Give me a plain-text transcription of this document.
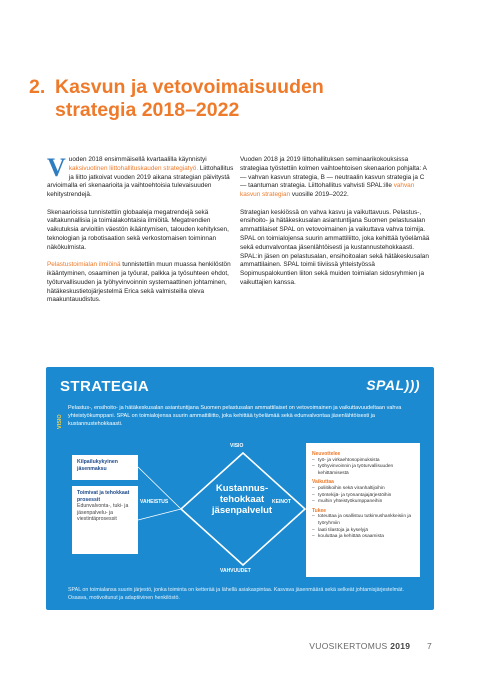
2. Kasvun ja vetovoimaisuuden
strategia 2018–2022

Vuoden 2018 ensimmäisellä kvartaalilla käynnistyi kaksivuotinen liittohallituskauden strategiatyö. Liittohallitus ja liitto jatkoivat vuoden 2019 aikana strategian päivitystä arvioimalla eri skenaarioita ja vaihtoehtoisia tulevaisuuden kehitystrendejä.

Skenaarioissa tunnistettiin globaaleja megatrendejä sekä valtakunnallisia ja toimialakohtaisia ilmiöitä. Megatrendien vaikutuksia arvioitiin väestön ikääntymisen, talouden kehityksen, teknologian ja robotisaation sekä verkostomaisen toiminnan näkökulmista.

Pelastustoimialan ilmiöinä tunnistettiin muun muassa henkilöstön ikääntyminen, osaaminen ja työurat, palkka ja työsuhteen ehdot, työturvallisuuden ja työhyvinvoinnin systemaattinen johtaminen, hätäkeskustietojärjestelmä Erica sekä valmisteilla oleva maakuntauudistus.

Vuoden 2018 ja 2019 liittohallituksen seminaarikokouksissa strategiaa työstettiin kolmen vaihtoehtoisen skenaarion pohjalta: A — vahvan kasvun strategia, B — neutraalin kasvun strategia ja C — taantuman strategia. Liittohallitus vahvisti SPAL:ille vahvan kasvun strategian vuosille 2019–2022.

Strategian keskiössä on vahva kasvu ja vaikuttavuus. Pelastus-, ensihoito- ja hätäkeskusalan asiantuntijana Suomen pelastusalan ammattilaiset SPAL on vetovoimainen ja vaikuttava vahva toimija. SPAL on toimialojensa suurin ammattiliitto, joka kehittää työelämää sekä edunvalvontaa jäsenlähtöisesti ja kustannustehokkaasti. SPAL:in jäsen on pelastusalan, ensihoitoalan sekä hätäkeskusalan ammattilainen. SPAL toimii tiiviissä yhteistyössä Sopimuspalokuntien liiton sekä muiden toimialan sidosryhmien ja vaikuttajien kanssa.

STRATEGIA	SPAL)))
VISIO
Pelastus-, ensihoito- ja hätäkeskusalan asiantuntijana Suomen pelastusalan ammattilaiset on vetovoimainen ja vaikuttavuudeltaan vahva yhteistyökumppani. SPAL on toimialojensa suurin ammattiliitto, joka kehittää työelämää sekä edunvalvontaa jäsenlähtöisesti ja kustannustehokkaasti.
Kilpailukykyinen jäsenmaksu
Toimivat ja tehokkaat prosessit
Edunvalvonta-, tuki- ja jäsenpalvelu- ja viestintäprosessit
VISIO
VAHEISTUS	KEINOT
VAHVUUDET
Kustannus-
tehokkaat
jäsenpalvelut
Neuvottelee
– työ- ja virkaehtosopimuksista
– työhyvinvoinnin ja työturvallisuuden kehittämisestä
Vaikuttaa
– poliitikoihin sekä viranhaltijoihin
– työntekijä- ja työnantajajärjestöihin
– muihin yhteistyökumppaneihin
Tukee
– toteuttaa ja osallistuu tutkimushankkeisiin ja työryhmiin
– laati tilastoja ja kyselyjä
– kouluttaa ja kehittää osaamista
SPAL on toimialansa suurin järjestö, jonka toiminta on ketterää ja lähellä asiakaspintaa. Kasvava jäsenmäärä sekä selkeät johtamisjärjestelmät. Osaava, motivoitunut ja adaptiivinen henkilöstö.
VUOSIKERTOMUS 2019 7
